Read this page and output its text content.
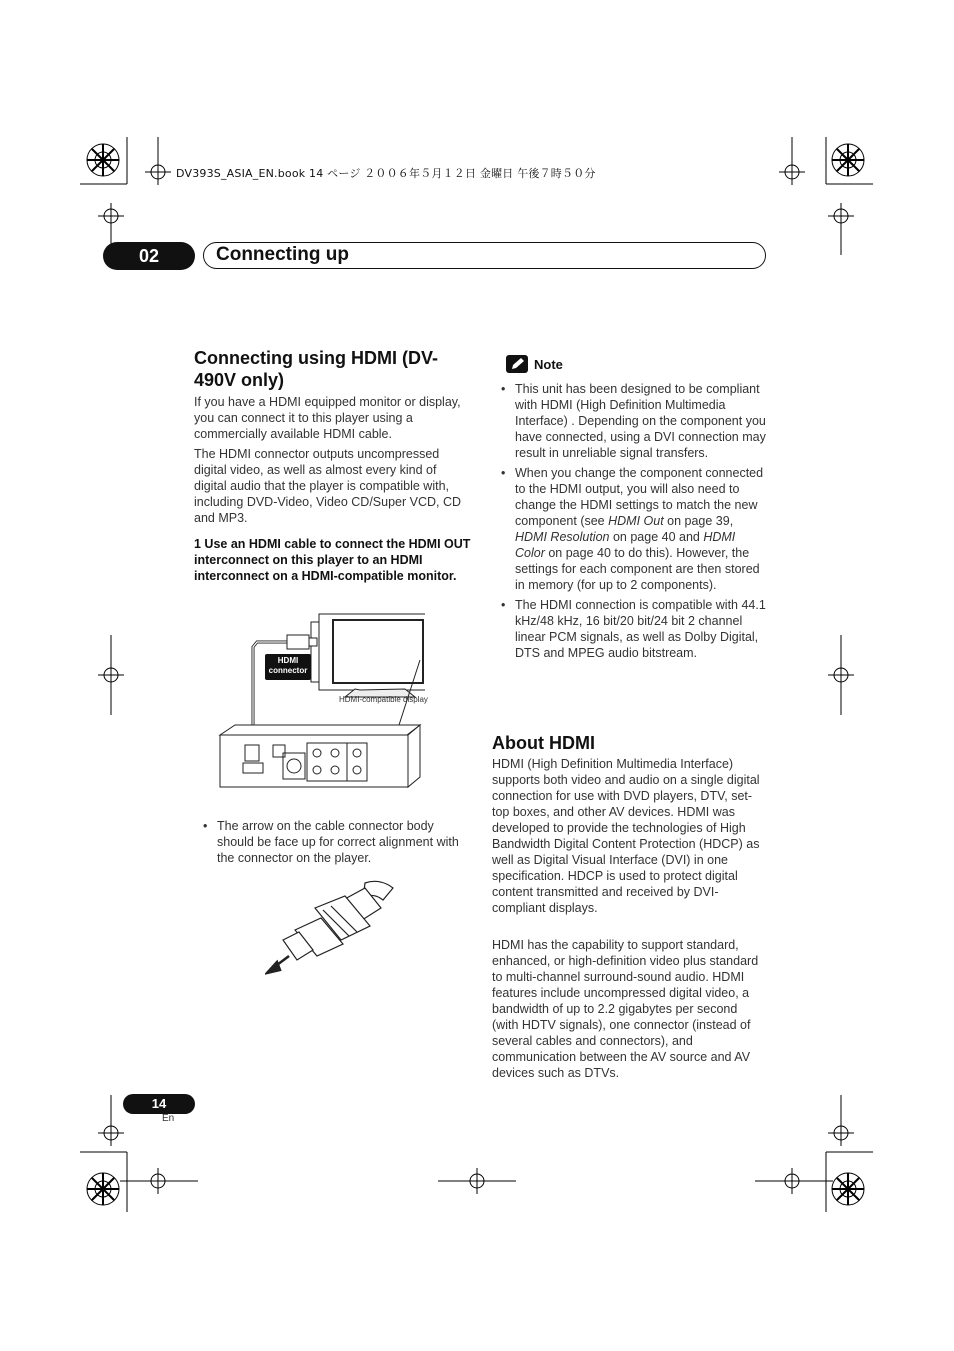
DV393S_ASIA_EN.book 14 ページ ２００６年５月１２日 金曜日 午後７時５０分
02	Connecting up
Connecting using HDMI (DV-490V only)

If you have a HDMI equipped monitor or display, you can connect it to this player using a commercially available HDMI cable.

The HDMI connector outputs uncompressed digital video, as well as almost every kind of digital audio that the player is compatible with, including DVD-Video, Video CD/Super VCD, CD and MP3.

1 Use an HDMI cable to connect the HDMI OUT interconnect on this player to an HDMI interconnect on a HDMI-compatible monitor.

HDMI
connector
HDMI-compatible display
• The arrow on the cable connector body should be face up for correct alignment with the connector on the player.
Note
• This unit has been designed to be compliant with HDMI (High Definition Multimedia Interface) . Depending on the component you have connected, using a DVI connection may result in unreliable signal transfers.
• When you change the component connected to the HDMI output, you will also need to change the HDMI settings to match the new component (see HDMI Out on page 39, HDMI Resolution on page 40 and HDMI Color on page 40 to do this). However, the settings for each component are then stored in memory (for up to 2 components).
• The HDMI connection is compatible with 44.1 kHz/48 kHz, 16 bit/20 bit/24 bit 2 channel linear PCM signals, as well as Dolby Digital, DTS and MPEG audio bitstream.
About HDMI

HDMI (High Definition Multimedia Interface) supports both video and audio on a single digital connection for use with DVD players, DTV, set-top boxes, and other AV devices. HDMI was developed to provide the technologies of High Bandwidth Digital Content Protection (HDCP) as well as Digital Visual Interface (DVI) in one specification. HDCP is used to protect digital content transmitted and received by DVI-compliant displays.

HDMI has the capability to support standard, enhanced, or high-definition video plus standard to multi-channel surround-sound audio. HDMI features include uncompressed digital video, a bandwidth of up to 2.2 gigabytes per second (with HDTV signals), one connector (instead of several cables and connectors), and communication between the AV source and AV devices such as DTVs.

14
En
